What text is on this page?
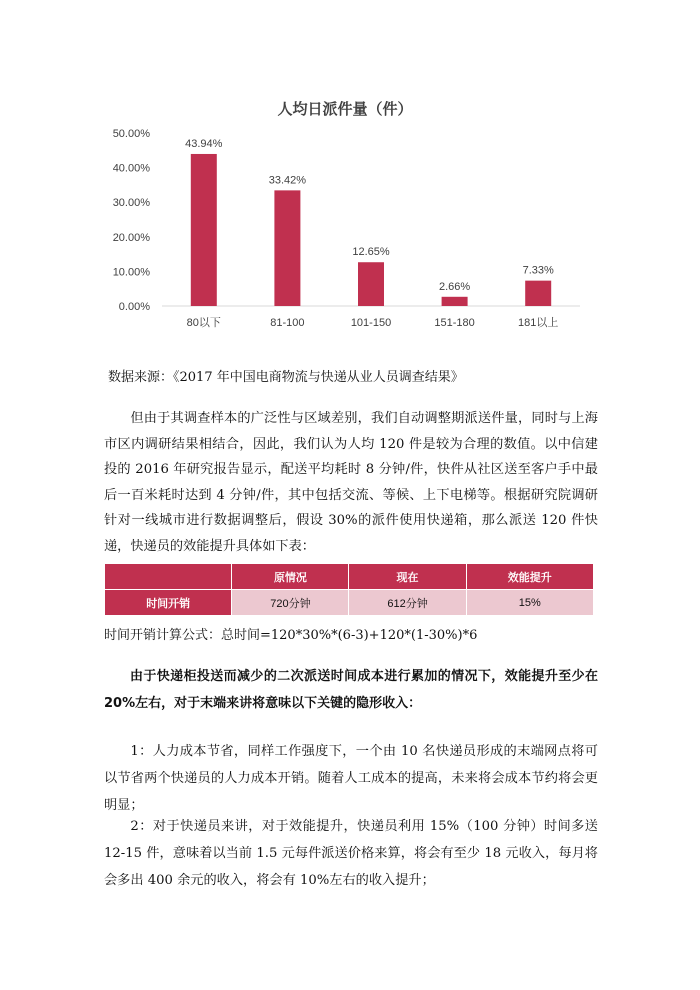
人均日派件量（件）
0.00%
10.00%
20.00%
30.00%
40.00%
50.00%
43.94%
80以下
33.42%
81-100
12.65%
101-150
2.66%
151-180
7.33%
181以上
数据来源：《2017 年中国电商物流与快递从业人员调查结果》
但由于其调查样本的广泛性与区域差别，我们自动调整期派送件量，同时与上海市区内调研结果相结合，因此，我们认为人均 120 件是较为合理的数值。以中信建投的 2016 年研究报告显示，配送平均耗时 8 分钟/件，快件从社区送至客户手中最后一百米耗时达到 4 分钟/件，其中包括交流、等候、上下电梯等。根据研究院调研针对一线城市进行数据调整后，假设 30%的派件使用快递箱，那么派送 120 件快递，快递员的效能提升具体如下表：
	原情况	现在	效能提升
时间开销	720分钟	612分钟	15%
时间开销计算公式：总时间=120*30%*(6-3)+120*(1-30%)*6
由于快递柜投送而减少的二次派送时间成本进行累加的情况下，效能提升至少在 20%左右，对于末端来讲将意味以下关键的隐形收入：
1：人力成本节省，同样工作强度下，一个由 10 名快递员形成的末端网点将可以节省两个快递员的人力成本开销。随着人工成本的提高，未来将会成本节约将会更明显；
2：对于快递员来讲，对于效能提升，快递员利用 15%（100 分钟）时间多送 12-15 件，意味着以当前 1.5 元每件派送价格来算，将会有至少 18 元收入，每月将会多出 400 余元的收入，将会有 10%左右的收入提升；
